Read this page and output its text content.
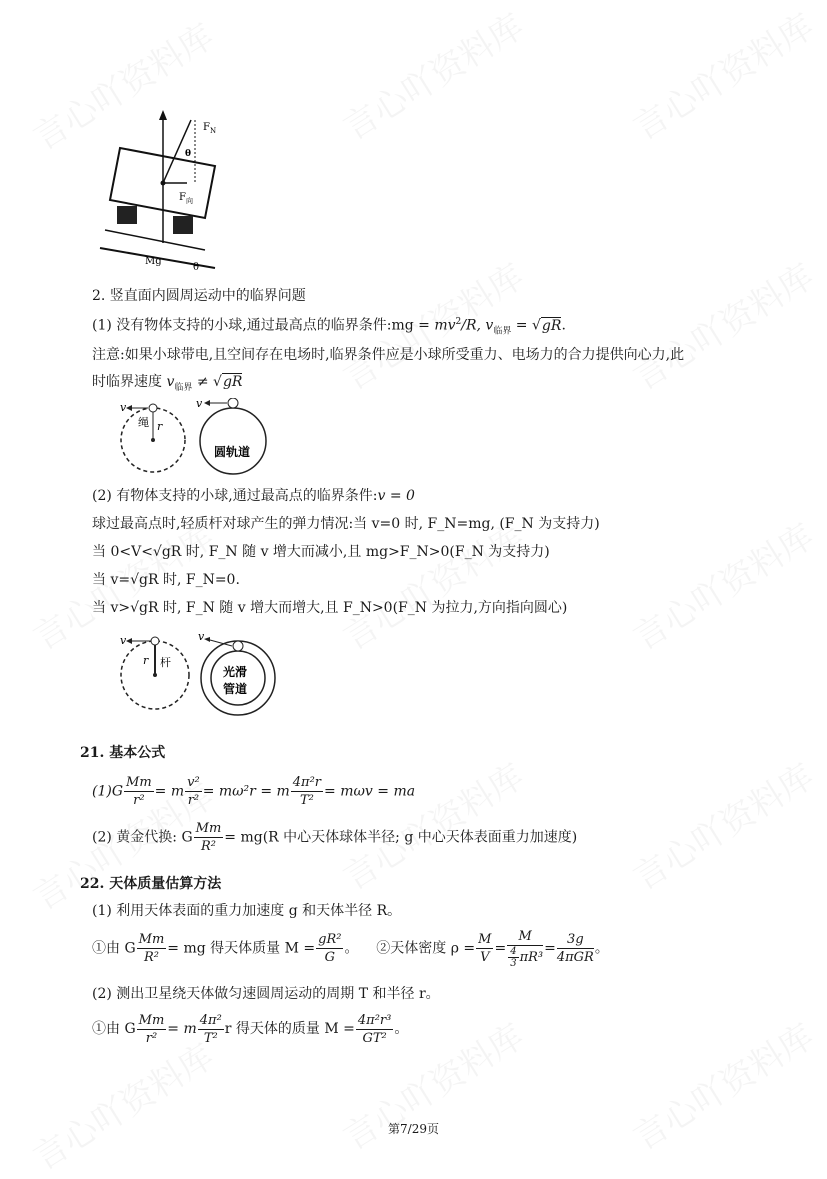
$F_N$
θ
$F_向$
Mg
θ
2. 竖直面内圆周运动中的临界问题
(1) 没有物体支持的小球,通过最高点的临界条件:mg = $mv^2/R$, $v_{临界} = √gR$.
注意:如果小球带电,且空间存在电场时,临界条件应是小球所受重力、电场力的合力提供向心力,此
时临界速度 $v_{临界} \ne √gR$
v
绳 r
v
圆轨道
(2) 有物体支持的小球,通过最高点的临界条件:v = 0
球过最高点时,轻质杆对球产生的弹力情况:当 v=0 时, F_N=mg, (F_N 为支持力)
当 0<V<√gR 时, F_N 随 v 增大而减小,且 mg>F_N>0(F_N 为支持力)
当 v=√gR 时, F_N=0.
当 v>√gR 时, F_N 随 v 增大而增大,且 F_N>0(F_N 为拉力,方向指向圆心)
v
r 杆
v
光滑
管道
21. 基本公式
$(1)G \frac{Mm}{\text{r²}} = m \frac{\text{v²}}{\text{r²}} = m\omega^2r = m \frac{\text{4π²r}}{\text{T²}} = m\omega v$ = ma
(2) 黄金代换: G $\frac{Mm}{\text{R²}} = mg(R$ 中心天体球体半径; g 中心天体表面重力加速度)
22. 天体质量估算方法
(1) 利用天体表面的重力加速度 g 和天体半径 R。
①由 G $\frac{Mm}{\text{R²}}$ = mg 得天体质量 $M = \frac{\text{gR²}}{G}$ 。 ②天体密度 $\rho = \frac{M}{V} = \frac{M}{\frac{4}{3} \pi R^3} = \frac{3g}{\text{4πGR}}$ 。
(2) 测出卫星绕天体做匀速圆周运动的周期 T 和半径 r。
①由 G $\frac{Mm}{\text{r²}} = m \frac{\text{4π²}}{\text{T²}}$ r 得天体的质量 $M = \frac{\text{4π²r³}}{\text{GT²}}$ 。
第7/29页
